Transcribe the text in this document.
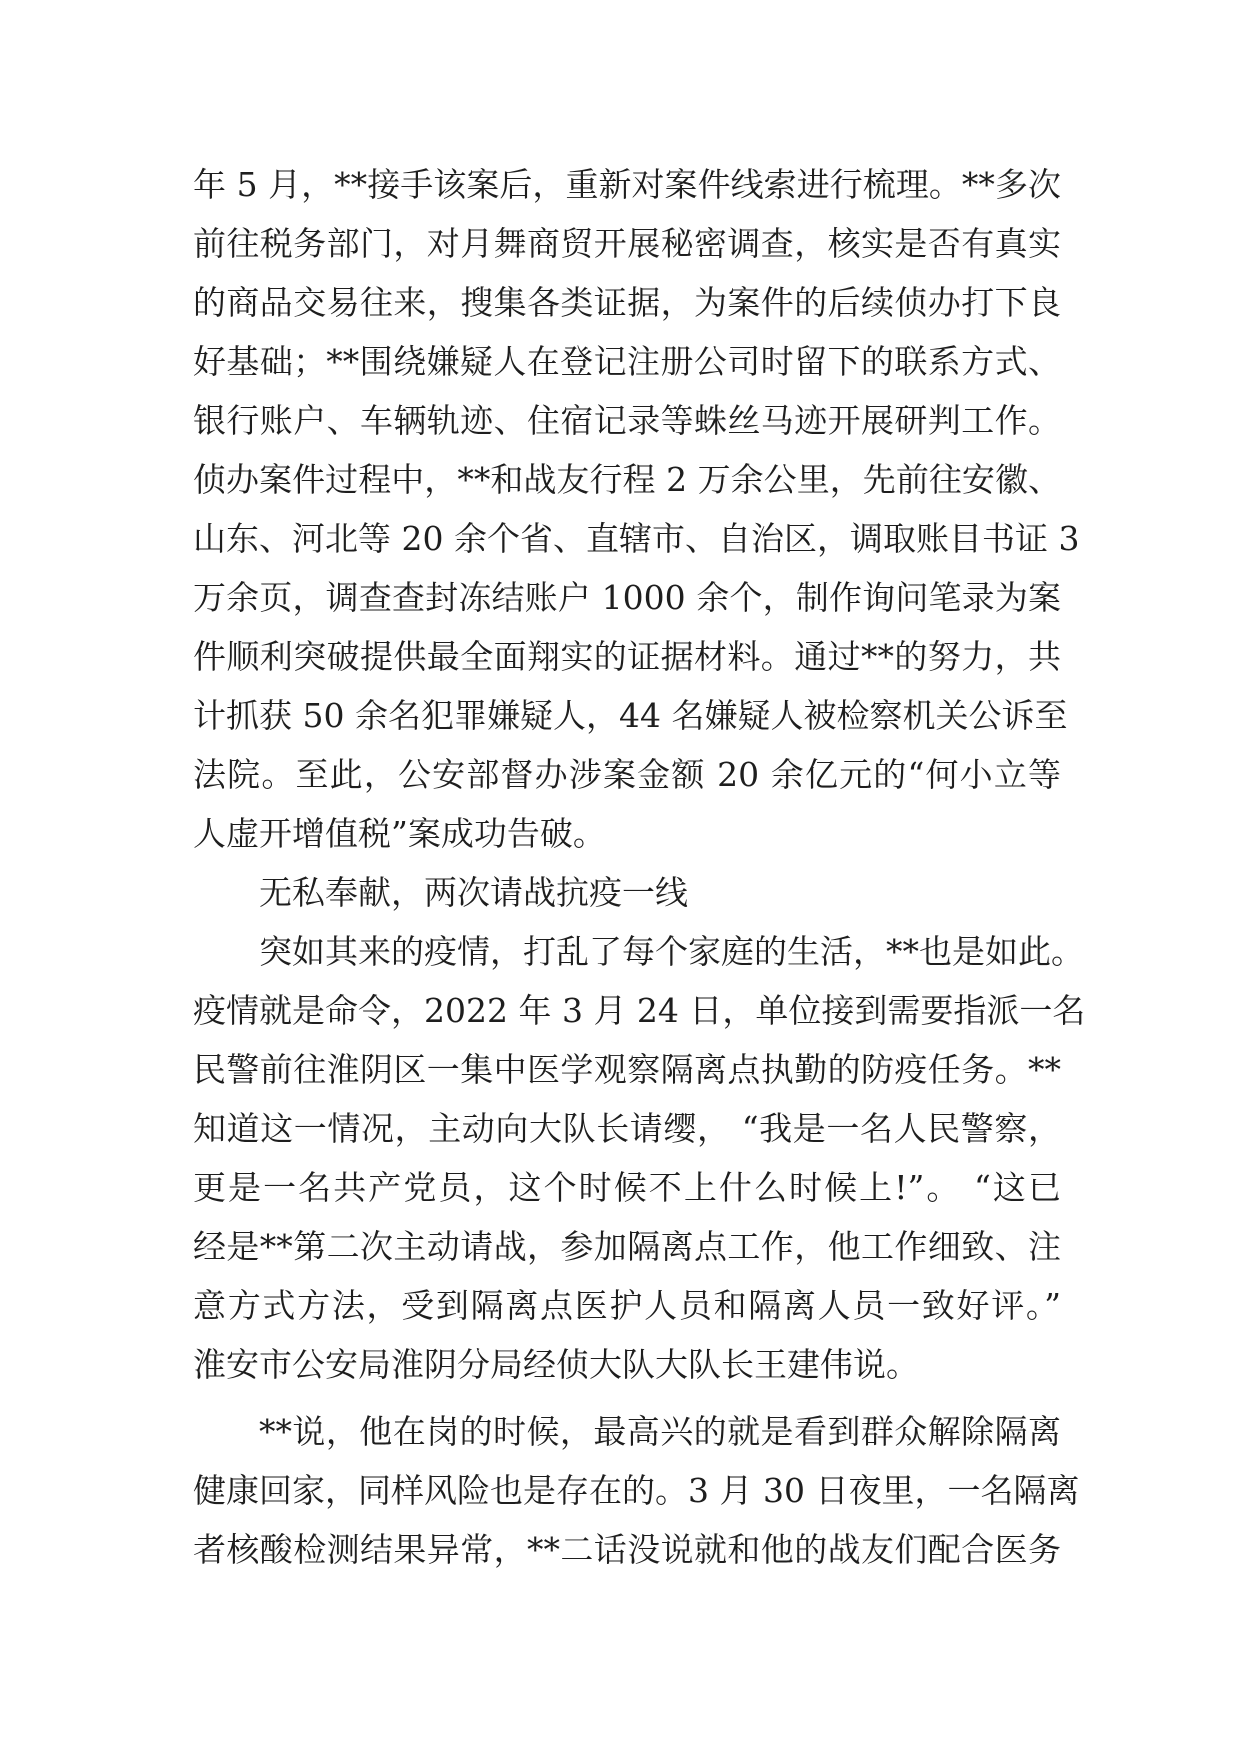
年 5 月，**接手该案后，重新对案件线索进行梳理。**多次
前往税务部门，对月舞商贸开展秘密调查，核实是否有真实
的商品交易往来，搜集各类证据，为案件的后续侦办打下良
好基础；**围绕嫌疑人在登记注册公司时留下的联系方式、
银行账户、车辆轨迹、住宿记录等蛛丝马迹开展研判工作。
侦办案件过程中，**和战友行程 2 万余公里，先前往安徽、
山东、河北等 20 余个省、直辖市、自治区，调取账目书证 3
万余页，调查查封冻结账户 1000 余个，制作询问笔录为案
件顺利突破提供最全面翔实的证据材料。通过**的努力，共
计抓获 50 余名犯罪嫌疑人，44 名嫌疑人被检察机关公诉至
法院。至此，公安部督办涉案金额 20 余亿元的“何小立等
人虚开增值税”案成功告破。
无私奉献，两次请战抗疫一线
突如其来的疫情，打乱了每个家庭的生活，**也是如此。
疫情就是命令，2022 年 3 月 24 日，单位接到需要指派一名
民警前往淮阴区一集中医学观察隔离点执勤的防疫任务。**
知道这一情况，主动向大队长请缨， “我是一名人民警察，
更是一名共产党员，这个时候不上什么时候上!”。 “这已
经是**第二次主动请战，参加隔离点工作，他工作细致、注
意方式方法，受到隔离点医护人员和隔离人员一致好评。”
淮安市公安局淮阴分局经侦大队大队长王建伟说。
**说，他在岗的时候，最高兴的就是看到群众解除隔离
健康回家，同样风险也是存在的。3 月 30 日夜里，一名隔离
者核酸检测结果异常，**二话没说就和他的战友们配合医务
